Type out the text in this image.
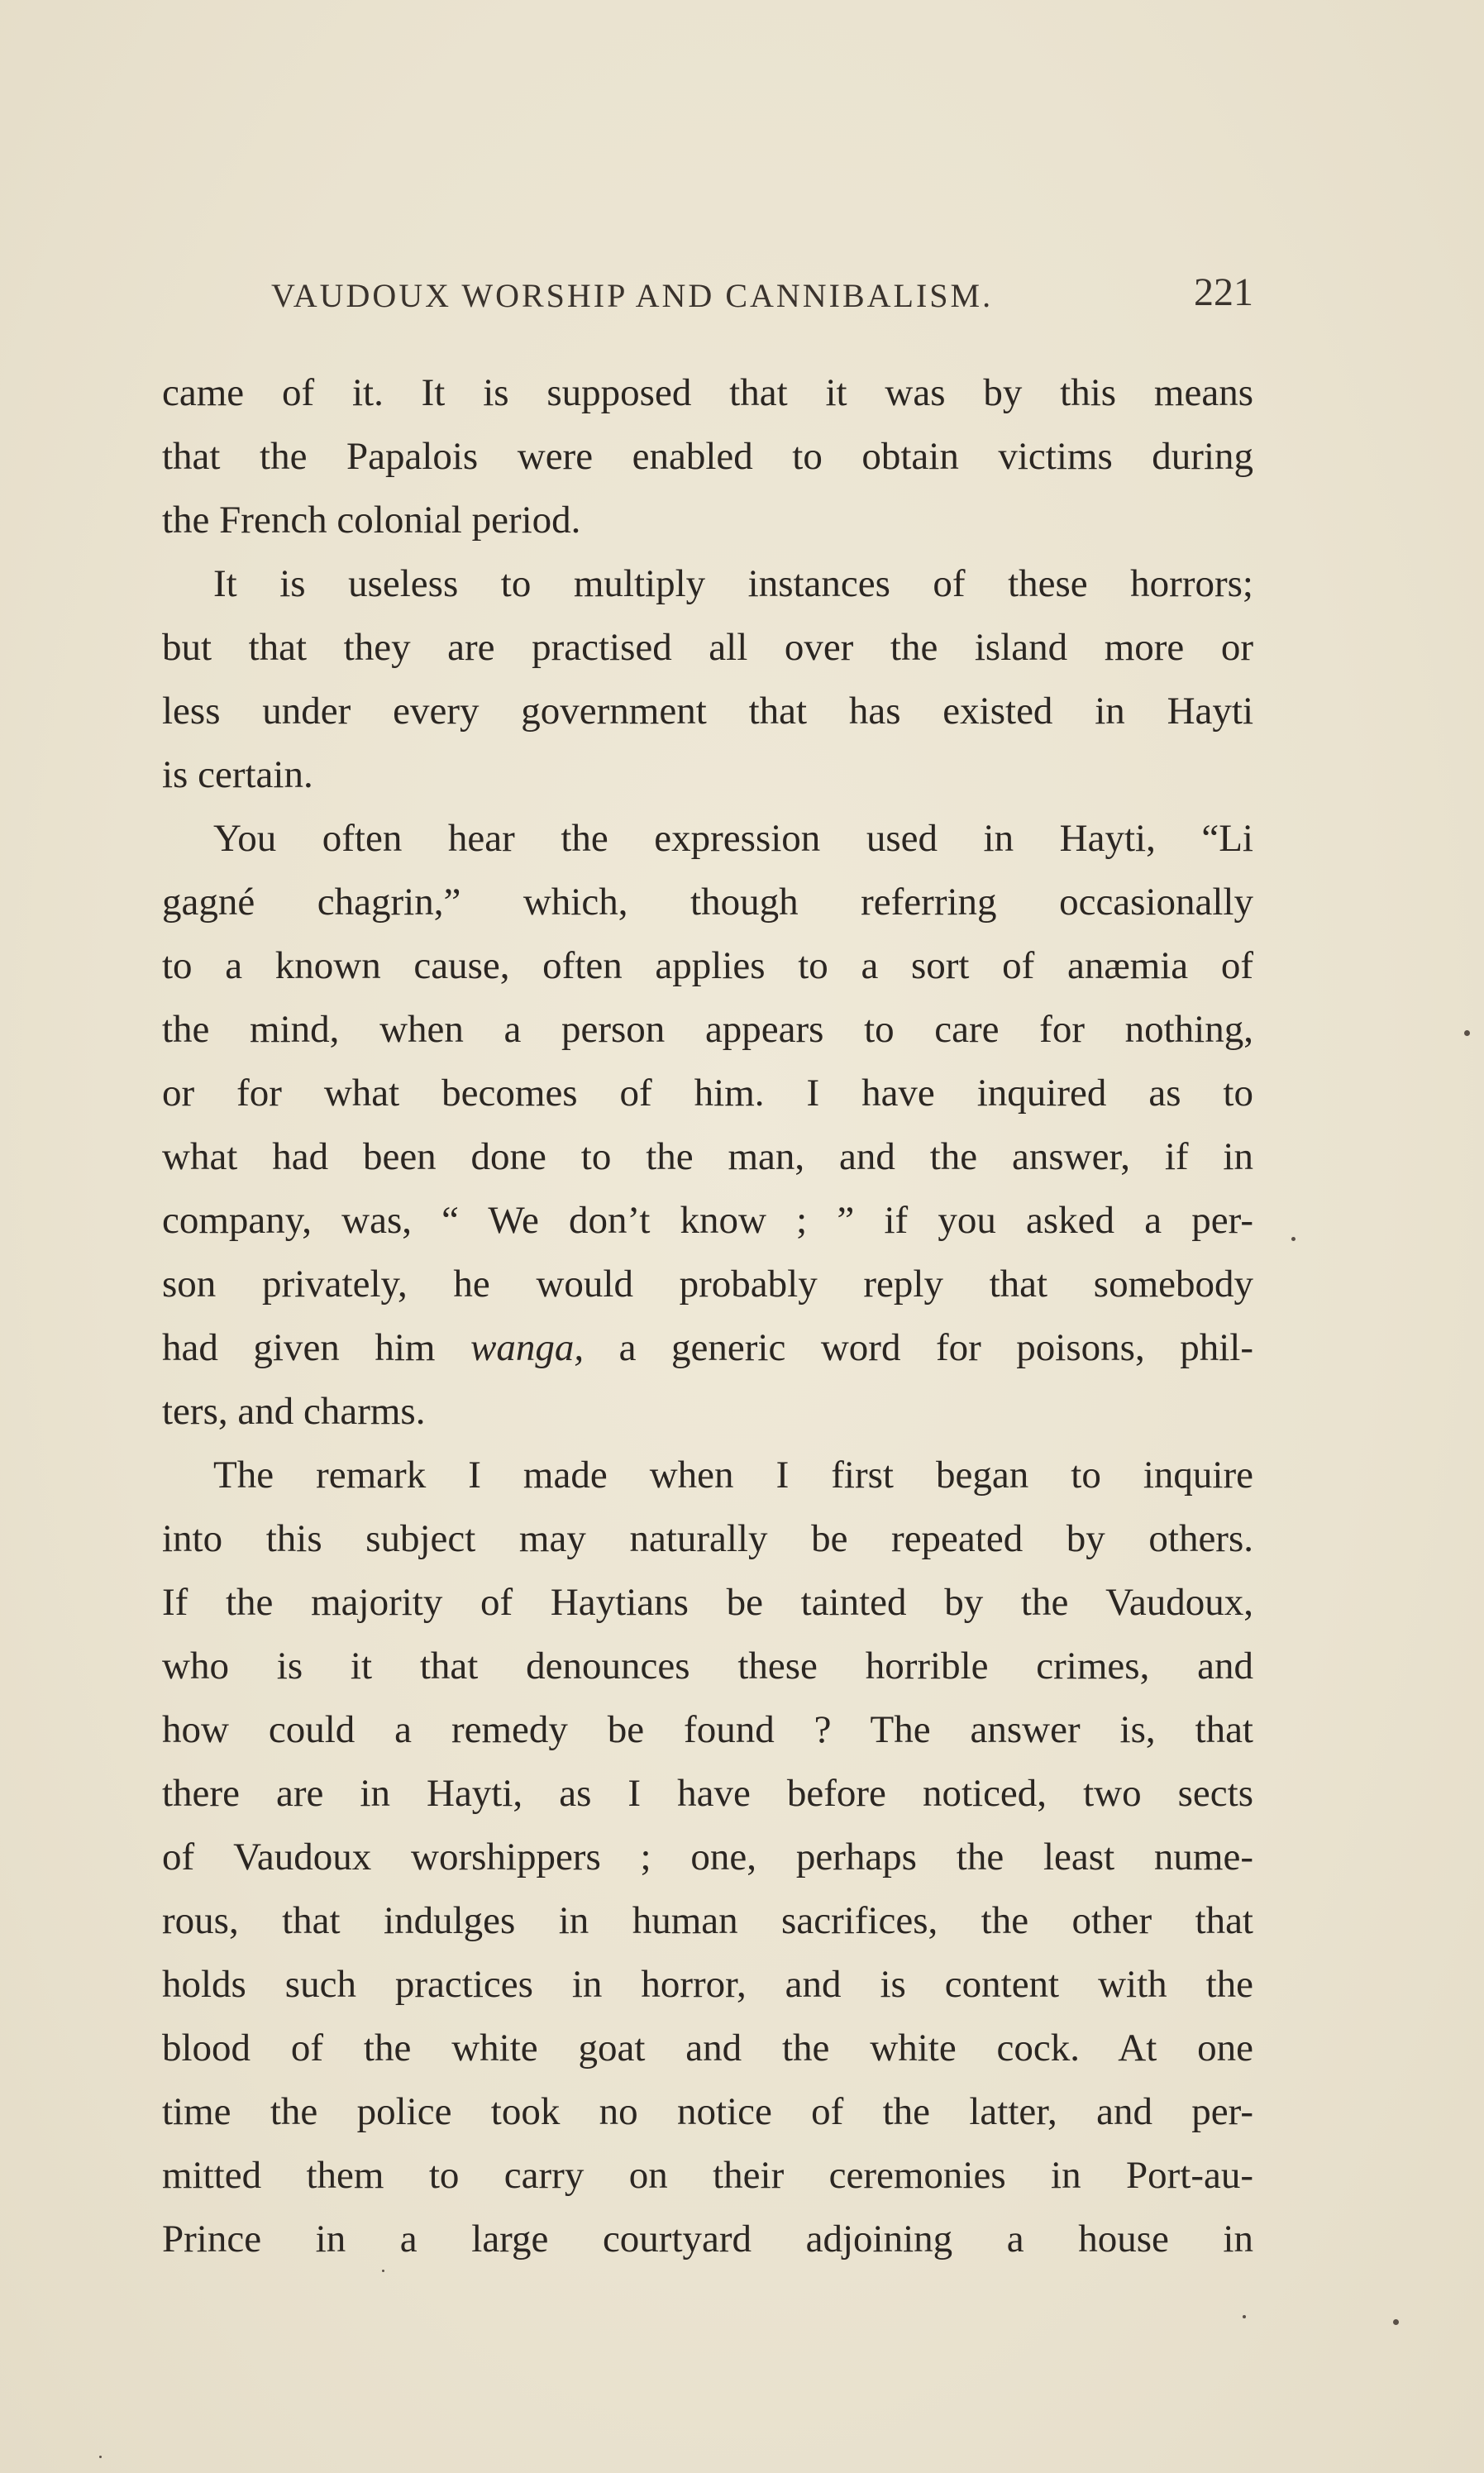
VAUDOUX WORSHIP AND CANNIBALISM.	221
came of it. It is supposed that it was by this means
that the Papalois were enabled to obtain victims during
the French colonial period.
It is useless to multiply instances of these horrors;
but that they are practised all over the island more or
less under every government that has existed in Hayti
is certain.
You often hear the expression used in Hayti, “Li
gagné chagrin,” which, though referring occasionally
to a known cause, often applies to a sort of anæmia of
the mind, when a person appears to care for nothing,
or for what becomes of him. I have inquired as to
what had been done to the man, and the answer, if in
company, was, “ We don’t know ; ” if you asked a per-
son privately, he would probably reply that somebody
had given him wanga, a generic word for poisons, phil-
ters, and charms.
The remark I made when I first began to inquire
into this subject may naturally be repeated by others.
If the majority of Haytians be tainted by the Vaudoux,
who is it that denounces these horrible crimes, and
how could a remedy be found ? The answer is, that
there are in Hayti, as I have before noticed, two sects
of Vaudoux worshippers ; one, perhaps the least nume-
rous, that indulges in human sacrifices, the other that
holds such practices in horror, and is content with the
blood of the white goat and the white cock. At one
time the police took no notice of the latter, and per-
mitted them to carry on their ceremonies in Port-au-
Prince in a large courtyard adjoining a house in
